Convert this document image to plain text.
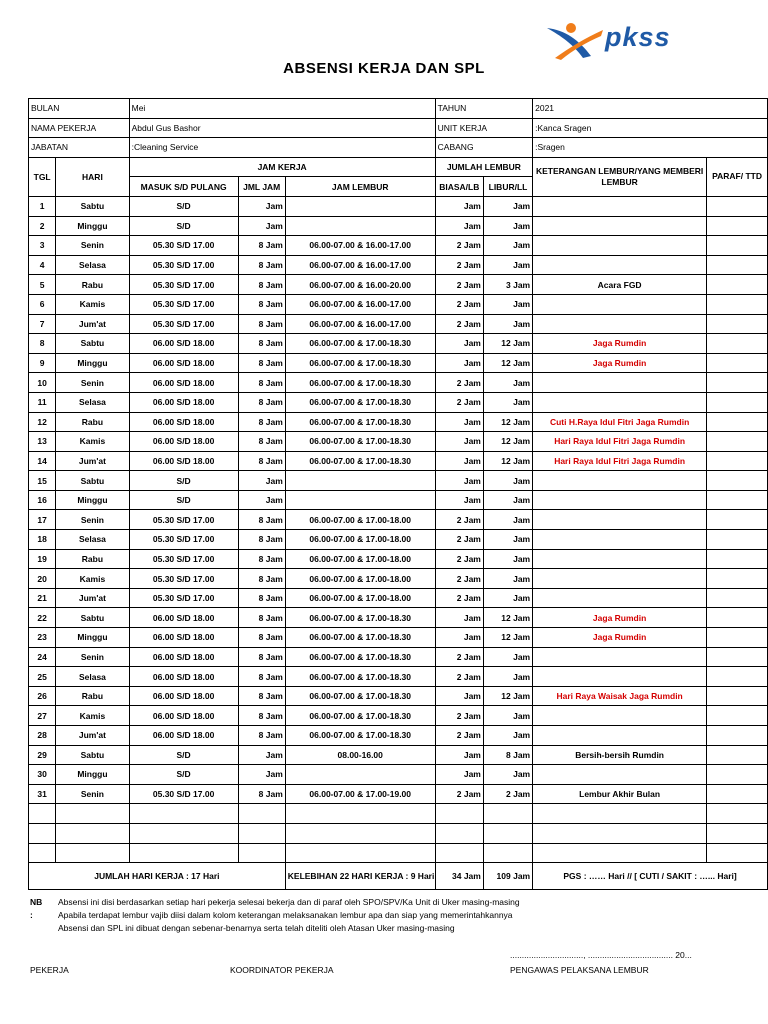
pkss
ABSENSI KERJA DAN SPL
BULAN		Mei			TAHUN		2021	
NAMA PEKERJA		Abdul Gus Bashor			UNIT KERJA		:Kanca Sragen	
JABATAN		:Cleaning Service			CABANG		:Sragen	
TGL	HARI	JAM KERJA			JUMLAH LEMBUR		KETERANGAN LEMBUR/YANG MEMBERI LEMBUR	PARAF/ TTD
		MASUK S/D PULANG	JML JAM	JAM LEMBUR	BIASA/LB	LIBUR/LL		
1	Sabtu	S/D	Jam		Jam	Jam		
2	Minggu	S/D	Jam		Jam	Jam		
3	Senin	05.30 S/D 17.00	8 Jam	06.00-07.00 & 16.00-17.00	2 Jam	Jam		
4	Selasa	05.30 S/D 17.00	8 Jam	06.00-07.00 & 16.00-17.00	2 Jam	Jam		
5	Rabu	05.30 S/D 17.00	8 Jam	06.00-07.00 & 16.00-20.00	2 Jam	3 Jam	Acara FGD	
6	Kamis	05.30 S/D 17.00	8 Jam	06.00-07.00 & 16.00-17.00	2 Jam	Jam		
7	Jum'at	05.30 S/D 17.00	8 Jam	06.00-07.00 & 16.00-17.00	2 Jam	Jam		
8	Sabtu	06.00 S/D 18.00	8 Jam	06.00-07.00 & 17.00-18.30	Jam	12 Jam	Jaga Rumdin	
9	Minggu	06.00 S/D 18.00	8 Jam	06.00-07.00 & 17.00-18.30	Jam	12 Jam	Jaga Rumdin	
10	Senin	06.00 S/D 18.00	8 Jam	06.00-07.00 & 17.00-18.30	2 Jam	Jam		
11	Selasa	06.00 S/D 18.00	8 Jam	06.00-07.00 & 17.00-18.30	2 Jam	Jam		
12	Rabu	06.00 S/D 18.00	8 Jam	06.00-07.00 & 17.00-18.30	Jam	12 Jam	Cuti H.Raya Idul Fitri Jaga Rumdin	
13	Kamis	06.00 S/D 18.00	8 Jam	06.00-07.00 & 17.00-18.30	Jam	12 Jam	Hari Raya Idul Fitri Jaga Rumdin	
14	Jum'at	06.00 S/D 18.00	8 Jam	06.00-07.00 & 17.00-18.30	Jam	12 Jam	Hari Raya Idul Fitri Jaga Rumdin	
15	Sabtu	S/D	Jam		Jam	Jam		
16	Minggu	S/D	Jam		Jam	Jam		
17	Senin	05.30 S/D 17.00	8 Jam	06.00-07.00 & 17.00-18.00	2 Jam	Jam		
18	Selasa	05.30 S/D 17.00	8 Jam	06.00-07.00 & 17.00-18.00	2 Jam	Jam		
19	Rabu	05.30 S/D 17.00	8 Jam	06.00-07.00 & 17.00-18.00	2 Jam	Jam		
20	Kamis	05.30 S/D 17.00	8 Jam	06.00-07.00 & 17.00-18.00	2 Jam	Jam		
21	Jum'at	05.30 S/D 17.00	8 Jam	06.00-07.00 & 17.00-18.00	2 Jam	Jam		
22	Sabtu	06.00 S/D 18.00	8 Jam	06.00-07.00 & 17.00-18.30	Jam	12 Jam	Jaga Rumdin	
23	Minggu	06.00 S/D 18.00	8 Jam	06.00-07.00 & 17.00-18.30	Jam	12 Jam	Jaga Rumdin	
24	Senin	06.00 S/D 18.00	8 Jam	06.00-07.00 & 17.00-18.30	2 Jam	Jam		
25	Selasa	06.00 S/D 18.00	8 Jam	06.00-07.00 & 17.00-18.30	2 Jam	Jam		
26	Rabu	06.00 S/D 18.00	8 Jam	06.00-07.00 & 17.00-18.30	Jam	12 Jam	Hari Raya Waisak Jaga Rumdin	
27	Kamis	06.00 S/D 18.00	8 Jam	06.00-07.00 & 17.00-18.30	2 Jam	Jam		
28	Jum'at	06.00 S/D 18.00	8 Jam	06.00-07.00 & 17.00-18.30	2 Jam	Jam		
29	Sabtu	S/D	Jam	08.00-16.00	Jam	8 Jam	Bersih-bersih Rumdin	
30	Minggu	S/D	Jam		Jam	Jam		
31	Senin	05.30 S/D 17.00	8 Jam	06.00-07.00 & 17.00-19.00	2 Jam	2 Jam	Lembur Akhir Bulan	

JUMLAH HARI KERJA : 17 Hari				KELEBIHAN 22 HARI KERJA : 9 Hari	34 Jam	109 Jam	PGS : …… Hari // [ CUTI / SAKIT : …... Hari]	
NB :
Absensi ini disi berdasarkan setiap hari pekerja selesai bekerja dan di paraf oleh SPO/SPV/Ka Unit di Uker masing-masing
Apabila terdapat lembur vajib diisi dalam kolom keterangan melaksanakan lembur apa dan siap yang memerintahkannya
Absensi dan SPL ini dibuat dengan sebenar-benarnya serta telah diteliti oleh Atasan Uker masing-masing
..............................., .................................... 20...
PEKERJA	KOORDINATOR PEKERJA	PENGAWAS PELAKSANA LEMBUR
